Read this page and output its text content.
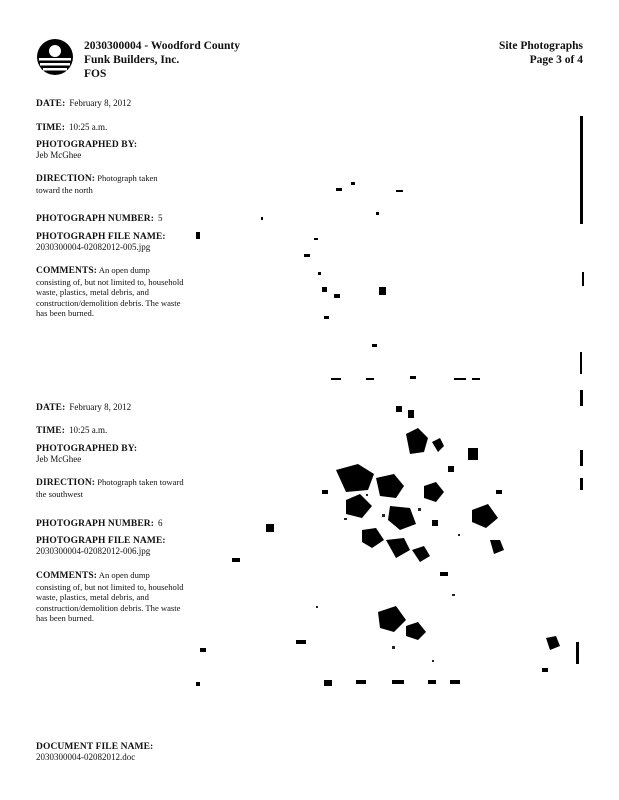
2030300004 - Woodford County
Funk Builders, Inc.
FOS
Site Photographs
Page 3 of 4
DATE: February 8, 2012
TIME: 10:25 a.m.
PHOTOGRAPHED BY:
Jeb McGhee
DIRECTION: Photograph taken toward the north
PHOTOGRAPH NUMBER: 5
PHOTOGRAPH FILE NAME:
2030300004-02082012-005.jpg
COMMENTS: An open dump consisting of, but not limited to, household waste, plastics, metal debris, and construction/demolition debris. The waste has been burned.
DATE: February 8, 2012
TIME: 10:25 a.m.
PHOTOGRAPHED BY:
Jeb McGhee
DIRECTION: Photograph taken toward the southwest
PHOTOGRAPH NUMBER: 6
PHOTOGRAPH FILE NAME:
2030300004-02082012-006.jpg
COMMENTS: An open dump consisting of, but not limited to, household waste, plastics, metal debris, and construction/demolition debris. The waste has been burned.
DOCUMENT FILE NAME:
2030300004-02082012.doc
